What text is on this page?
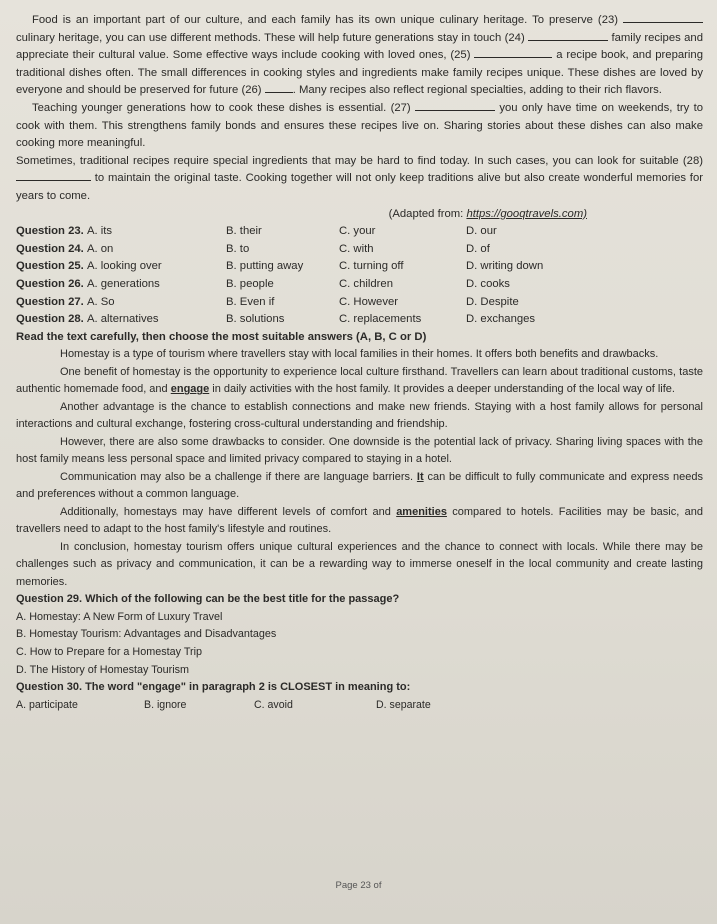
Food is an important part of our culture, and each family has its own unique culinary heritage. To preserve (23)  culinary heritage, you can use different methods. These will help future generations stay in touch (24)	family recipes and appreciate their cultural value. Some effective ways include cooking with loved ones, (25)	a recipe book, and preparing traditional dishes often. The small differences in cooking styles and ingredients make family recipes unique. These dishes are loved by everyone and should be preserved for future (26) . Many recipes also reflect regional specialties, adding to their rich flavors.

Teaching younger generations how to cook these dishes is essential. (27)	you only have time on weekends, try to cook with them. This strengthens family bonds and ensures these recipes live on. Sharing stories about these dishes can also make cooking more meaningful.

Sometimes, traditional recipes require special ingredients that may be hard to find today. In such cases, you can look for suitable (28)  to maintain the original taste. Cooking together will not only keep traditions alive but also create wonderful memories for years to come.

(Adapted from: https://gooqtravels.com)

Question 23. A. its	B. their	C. your	D. our
Question 24. A. on	B. to	C. with	D. of
Question 25. A. looking over	B. putting away	C. turning off	D. writing down
Question 26. A. generations	B. people	C. children	D. cooks
Question 27. A. So	B. Even if	C. However	D. Despite
Question 28. A. alternatives	B. solutions	C. replacements	D. exchanges

Read the text carefully, then choose the most suitable answers (A, B, C or D)

Homestay is a type of tourism where travellers stay with local families in their homes. It offers both benefits and drawbacks.

One benefit of homestay is the opportunity to experience local culture firsthand. Travellers can learn about traditional customs, taste authentic homemade food, and engage in daily activities with the host family. It provides a deeper understanding of the local way of life.

Another advantage is the chance to establish connections and make new friends. Staying with a host family allows for personal interactions and cultural exchange, fostering cross-cultural understanding and friendship.

However, there are also some drawbacks to consider. One downside is the potential lack of privacy. Sharing living spaces with the host family means less personal space and limited privacy compared to staying in a hotel.

Communication may also be a challenge if there are language barriers. It can be difficult to fully communicate and express needs and preferences without a common language.

Additionally, homestays may have different levels of comfort and amenities compared to hotels. Facilities may be basic, and travellers need to adapt to the host family's lifestyle and routines.

In conclusion, homestay tourism offers unique cultural experiences and the chance to connect with locals. While there may be challenges such as privacy and communication, it can be a rewarding way to immerse oneself in the local community and create lasting memories.

Question 29. Which of the following can be the best title for the passage?

A. Homestay: A New Form of Luxury Travel

B. Homestay Tourism: Advantages and Disadvantages

C. How to Prepare for a Homestay Trip

D. The History of Homestay Tourism

Question 30. The word "engage" in paragraph 2 is CLOSEST in meaning to:

A. participate	B. ignore	C. avoid	D. separate
Page 23 of
